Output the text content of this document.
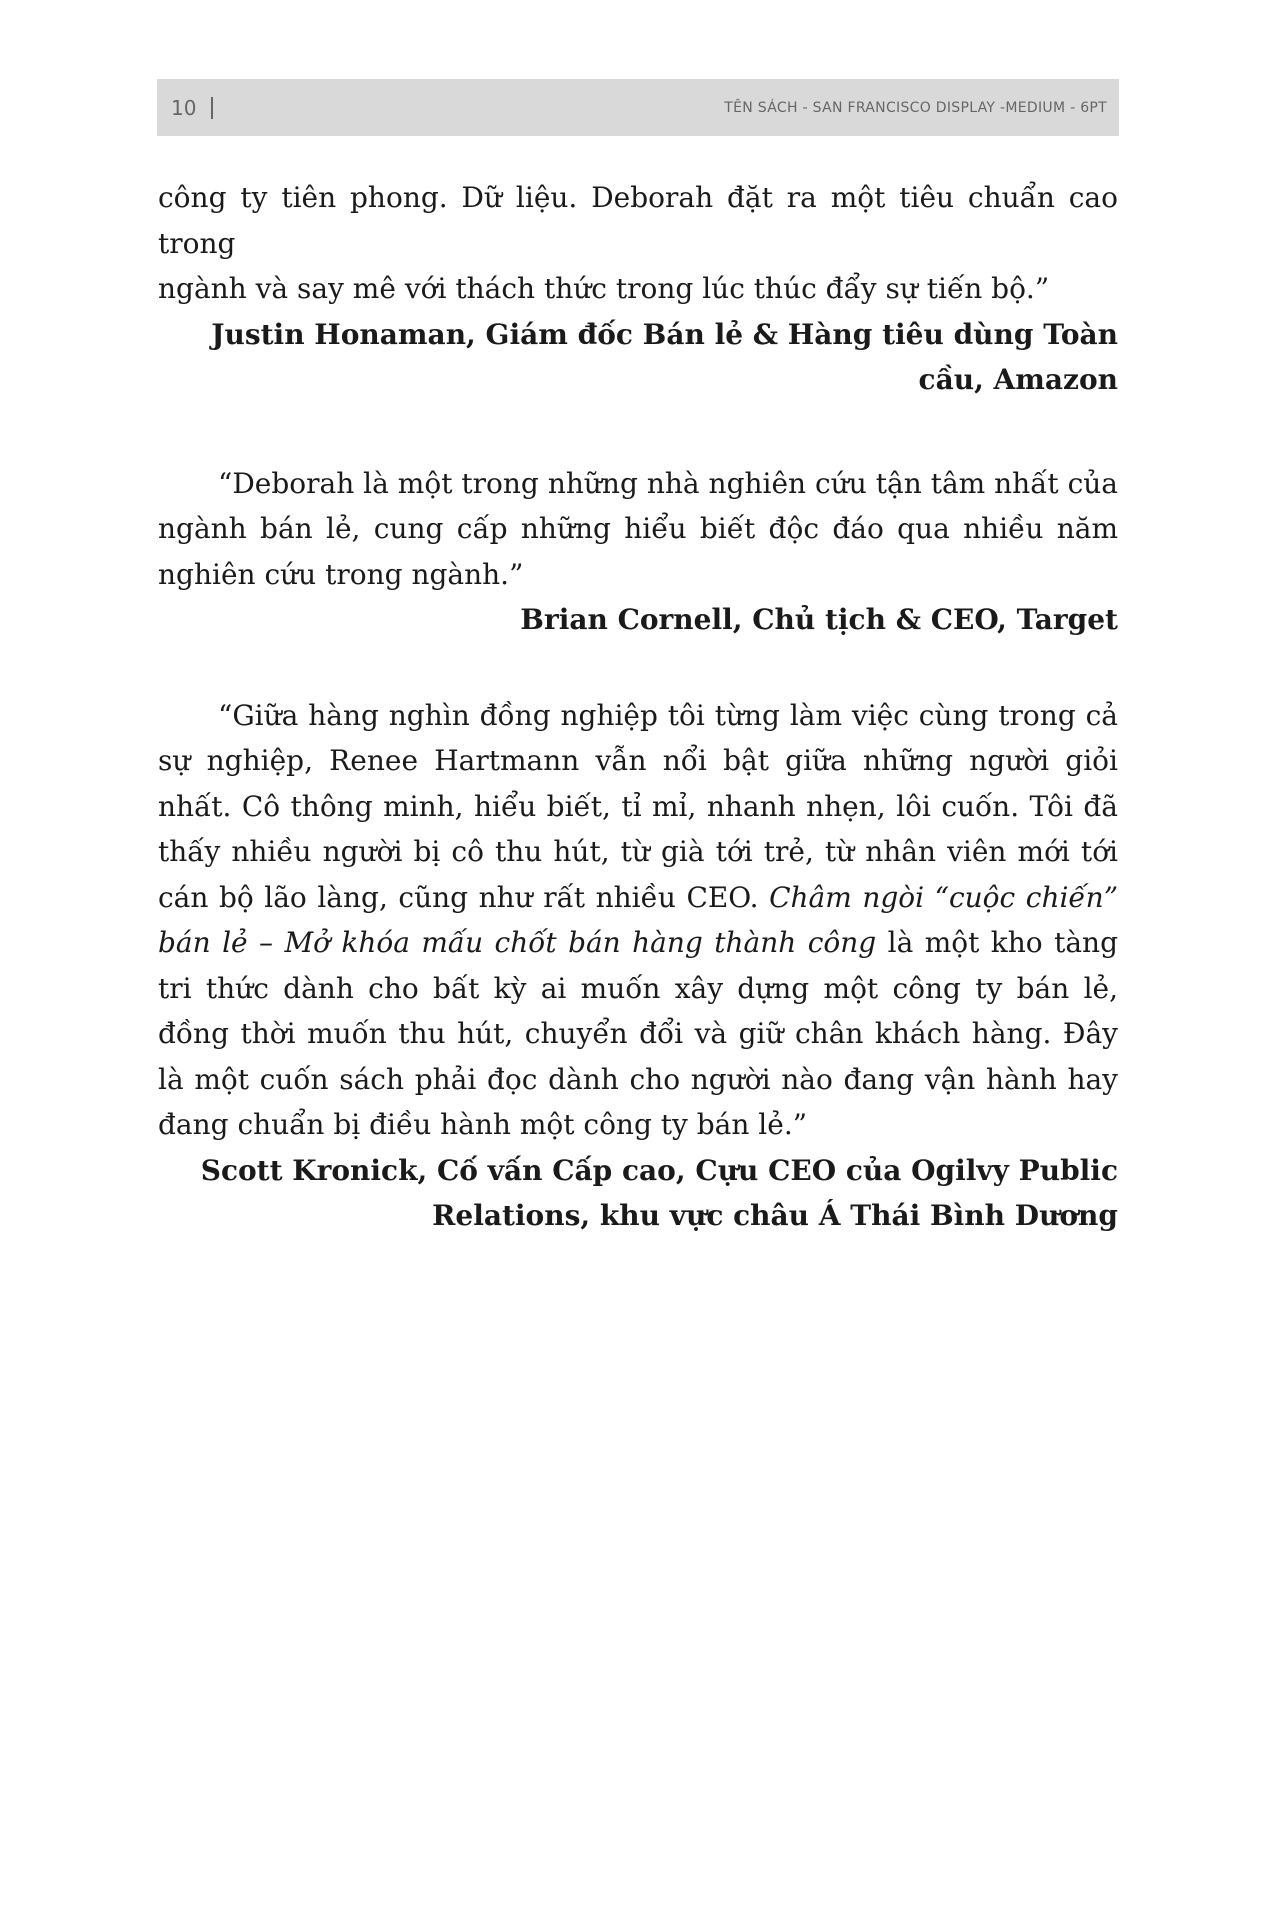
10	TÊN SÁCH - SAN FRANCISCO DISPLAY -MEDIUM - 6PT

công ty tiên phong. Dữ liệu. Deborah đặt ra một tiêu chuẩn cao trong
ngành và say mê với thách thức trong lúc thúc đẩy sự tiến bộ.”

Justin Honaman, Giám đốc Bán lẻ & Hàng tiêu dùng Toàn
cầu, Amazon

“Deborah là một trong những nhà nghiên cứu tận tâm nhất của ngành bán lẻ, cung cấp những hiểu biết độc đáo qua nhiều năm nghiên cứu trong ngành.”

Brian Cornell, Chủ tịch & CEO, Target

“Giữa hàng nghìn đồng nghiệp tôi từng làm việc cùng trong cả sự nghiệp, Renee Hartmann vẫn nổi bật giữa những người giỏi nhất. Cô thông minh, hiểu biết, tỉ mỉ, nhanh nhẹn, lôi cuốn. Tôi đã thấy nhiều người bị cô thu hút, từ già tới trẻ, từ nhân viên mới tới cán bộ lão làng, cũng như rất nhiều CEO. Châm ngòi “cuộc chiến” bán lẻ – Mở khóa mấu chốt bán hàng thành công là một kho tàng tri thức dành cho bất kỳ ai muốn xây dựng một công ty bán lẻ, đồng thời muốn thu hút, chuyển đổi và giữ chân khách hàng. Đây là một cuốn sách phải đọc dành cho người nào đang vận hành hay đang chuẩn bị điều hành một công ty bán lẻ.”

Scott Kronick, Cố vấn Cấp cao, Cựu CEO của Ogilvy Public
Relations, khu vực châu Á Thái Bình Dương
